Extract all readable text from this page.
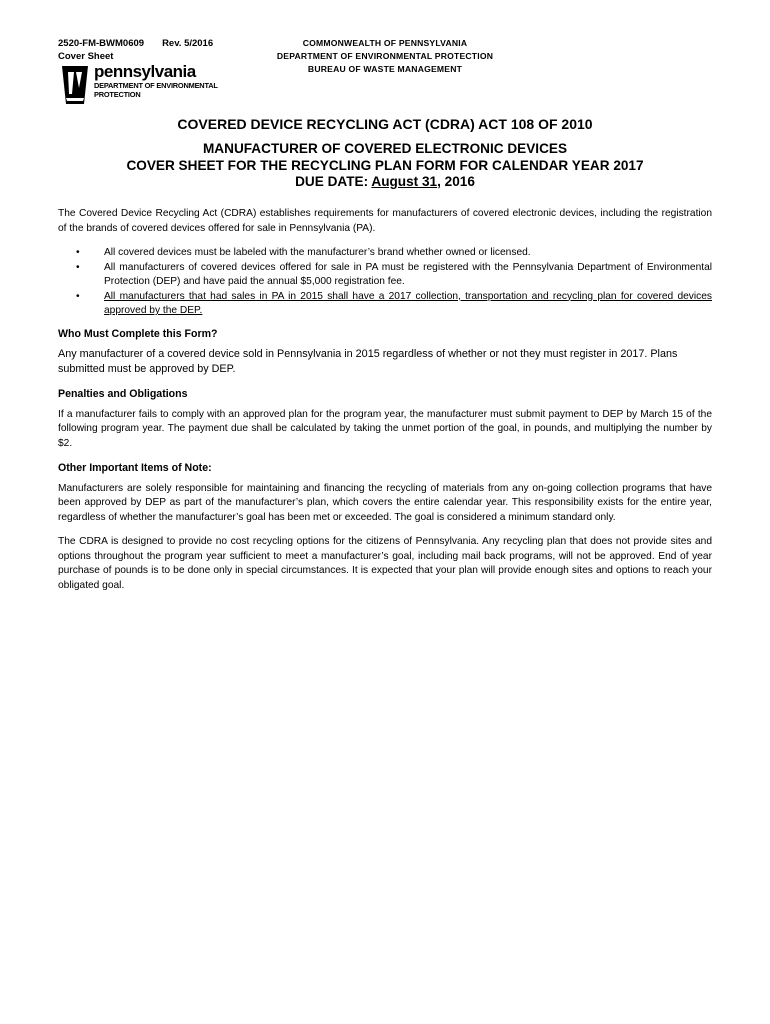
2520-FM-BWM0609 Rev. 5/2016
Cover Sheet
COMMONWEALTH OF PENNSYLVANIA
DEPARTMENT OF ENVIRONMENTAL PROTECTION
BUREAU OF WASTE MANAGEMENT
pennsylvania
DEPARTMENT OF ENVIRONMENTAL
PROTECTION
COVERED DEVICE RECYCLING ACT (CDRA) ACT 108 OF 2010
MANUFACTURER OF COVERED ELECTRONIC DEVICES
COVER SHEET FOR THE RECYCLING PLAN FORM FOR CALENDAR YEAR 2017
DUE DATE: August 31, 2016

The Covered Device Recycling Act (CDRA) establishes requirements for manufacturers of covered electronic devices, including the registration of the brands of covered devices offered for sale in Pennsylvania (PA).

• All covered devices must be labeled with the manufacturer’s brand whether owned or licensed.
• All manufacturers of covered devices offered for sale in PA must be registered with the Pennsylvania Department of Environmental Protection (DEP) and have paid the annual $5,000 registration fee.
• All manufacturers that had sales in PA in 2015 shall have a 2017 collection, transportation and recycling plan for covered devices approved by the DEP.
Who Must Complete this Form?

Any manufacturer of a covered device sold in Pennsylvania in 2015 regardless of whether or not they must register in 2017. Plans submitted must be approved by DEP.

Penalties and Obligations

If a manufacturer fails to comply with an approved plan for the program year, the manufacturer must submit payment to DEP by March 15 of the following program year. The payment due shall be calculated by taking the unmet portion of the goal, in pounds, and multiplying the number by $2.

Other Important Items of Note:

Manufacturers are solely responsible for maintaining and financing the recycling of materials from any on-going collection programs that have been approved by DEP as part of the manufacturer’s plan, which covers the entire calendar year. This responsibility exists for the entire year, regardless of whether the manufacturer’s goal has been met or exceeded. The goal is considered a minimum standard only.

The CDRA is designed to provide no cost recycling options for the citizens of Pennsylvania. Any recycling plan that does not provide sites and options throughout the program year sufficient to meet a manufacturer’s goal, including mail back programs, will not be approved. End of year purchase of pounds is to be done only in special circumstances. It is expected that your plan will provide enough sites and options to reach your obligated goal.
